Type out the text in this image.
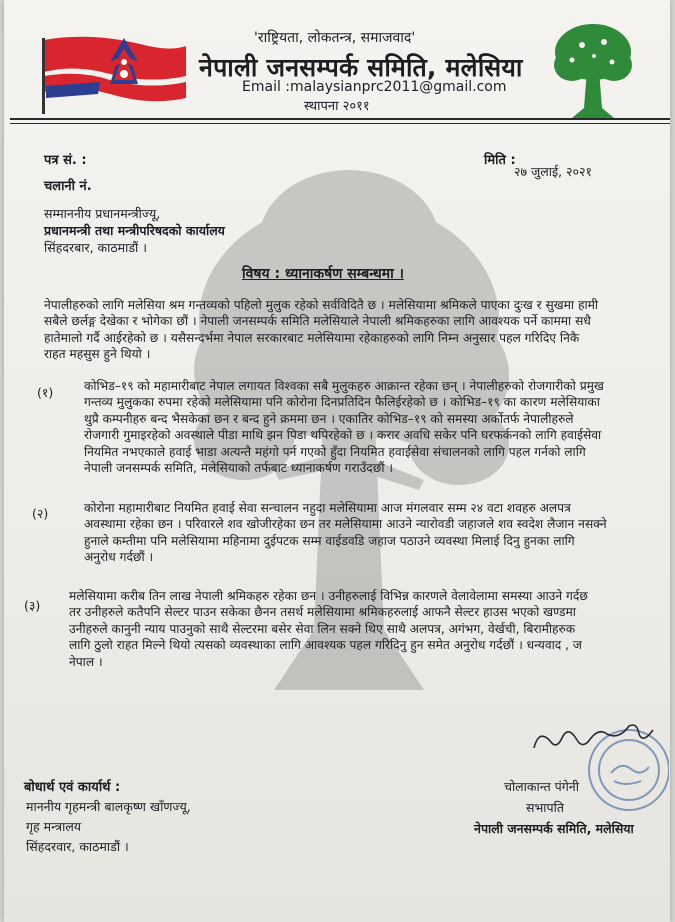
'राष्ट्रियता, लोकतन्त्र, समाजवाद'
नेपाली जनसम्पर्क समिति, मलेसिया
Email :malaysianprc2011@gmail.com
स्थापना २०११
पत्र सं. :
चलानी नं.
मिति :
२७ जुलाई, २०२१
सम्माननीय प्रधानमन्त्रीज्यू,
प्रधानमन्त्री तथा मन्त्रीपरिषदको कार्यालय
सिंहदरबार, काठमाडौं ।
विषय : ध्यानाकर्षण सम्बन्धमा ।
नेपालीहरुको लागि मलेसिया श्रम गन्तव्यको पहिलो मुलुक रहेको सर्वविदितै छ । मलेसियामा श्रमिकले पाएका दुःख र सुखमा हामी
सबैले छर्लङ्ग देखेका र भोगेका छौं । नेपाली जनसम्पर्क समिति मलेसियाले नेपाली श्रमिकहरुका लागि आवश्यक पर्ने काममा सधै
हातेमालो गर्दै आईरहेको छ । यसैसन्दर्भमा नेपाल सरकारबाट मलेसियामा रहेकाहरुको लागि निम्न अनुसार पहल गरिदिए निकै
राहत महसुस हुने थियो ।
(१)	कोभिड–१९ को महामारीबाट नेपाल लगायत विश्वका सबै मुलुकहरु आक्रान्त रहेका छन् । नेपालीहरुको रोजगारीको प्रमुख
गन्तव्य मुलुकका रुपमा रहेको मलेसियामा पनि कोरोना दिनप्रतिदिन फैलिईरहेको छ । कोभिड–१९ का कारण मलेसियाका
थुप्रै कम्पनीहरु बन्द भैसकेका छन र बन्द हुने क्रममा छन । एकातिर कोभिड–१९ को समस्या अर्कोतर्फ नेपालीहरुले
रोजगारी गुमाइरहेको अवस्थाले पीडा माथि झन पिडा थपिरहेको छ । करार अवधि सकेर पनि घरफर्कनको लागि हवाईसेवा
नियमित नभएकाले हवाई भाडा अत्यन्तै महंगो पर्न गएको हुँदा नियमित हवाईसेवा संचालनको लागि पहल गर्नको लागि
नेपाली जनसम्पर्क समिति, मलेसियाको तर्फबाट ध्यानाकर्षण गराउँदछौं ।
(२)	कोरोना महामारीबाट नियमित हवाई सेवा सन्चालन नहुदा मलेसियामा आज मंगलवार सम्म २४ वटा शवहरु अलपत्र
अवस्थामा रहेका छन । परिवारले शव खोजीरहेका छन तर मलेसियामा आउने न्यारोवडी जहाजले शव स्वदेश लैजान नसक्ने
हुनाले कम्तीमा पनि मलेसियामा महिनामा दुईपटक सम्म वाईडवडि जहाज पठाउने व्यवस्था मिलाई दिनु हुनका लागि
अनुरोध गर्दछौं ।
(३)
मलेसियामा करीब तिन लाख नेपाली श्रमिकहरु रहेका छन । उनीहरुलाई विभिन्न कारणले वेलावेलामा समस्या आउने गर्दछ
तर उनीहरुले कतैपनि सेल्टर पाउन सकेका छैनन तसर्थ मलेसियामा श्रमिकहरुलाई आफनै सेल्टर हाउस भएको खण्डमा
उनीहरुले कानुनी न्याय पाउनुको साथै सेल्टरमा बसेर सेवा लिन सक्ने थिए साथै अलपत्र, अगंभग, वेर्खची, बिरामीहरुक
लागि ठुलो राहत मिल्ने थियो त्यसको व्यवस्थाका लागि आवश्यक पहल गरिदिनु हुन समेत अनुरोध गर्दछौं । धन्यवाद , ज
नेपाल ।
चोलाकान्त पंगेनी
सभापति
नेपाली जनसम्पर्क समिति, मलेसिया
बोधार्थ एवं कार्यार्थ :
माननीय गृहमन्त्री बालकृष्ण खाँणज्यू,
गृह मन्त्रालय
सिंहदरवार, काठमाडौं ।
